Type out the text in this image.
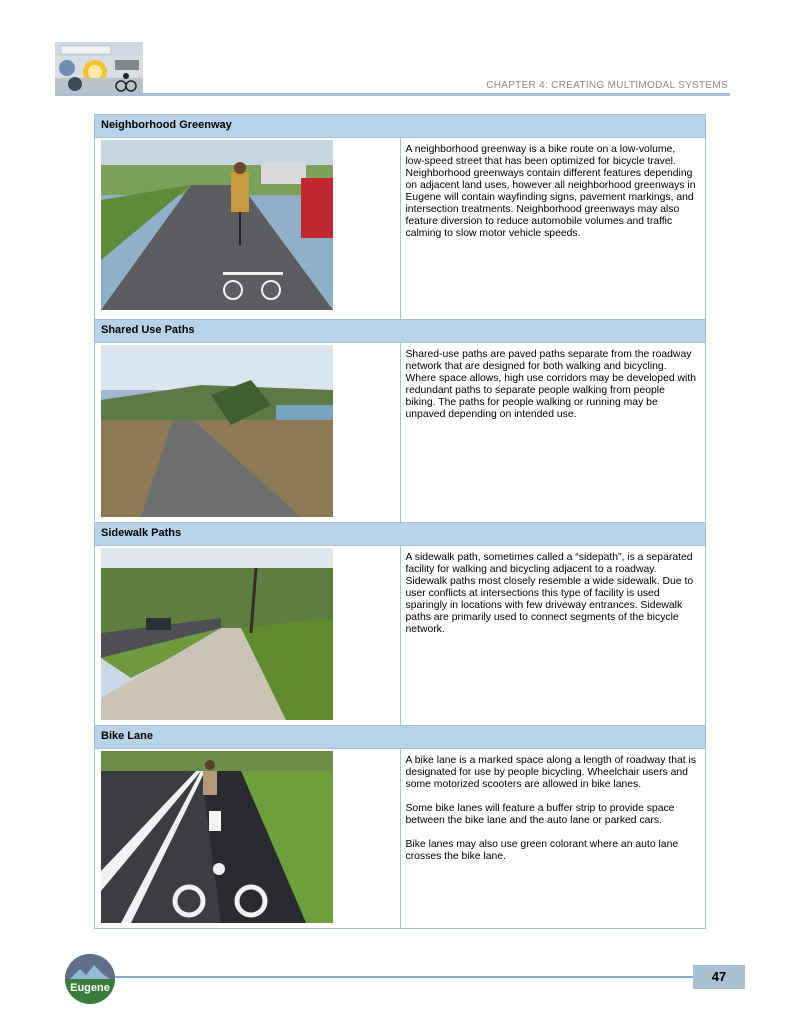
CHAPTER 4: CREATING MULTIMODAL SYSTEMS
Neighborhood Greenway	

A neighborhood greenway is a bike route on a low-volume, low-speed street that has been optimized for bicycle travel. Neighborhood greenways contain different features depending on adjacent land uses, however all neighborhood greenways in Eugene will contain wayfinding signs, pavement markings, and intersection treatments. Neighborhood greenways may also feature diversion to reduce automobile volumes and traffic calming to slow motor vehicle speeds.

Shared Use Paths	

Shared-use paths are paved paths separate from the roadway network that are designed for both walking and bicycling. Where space allows, high use corridors may be developed with redundant paths to separate people walking from people biking. The paths for people walking or running may be unpaved depending on intended use.

Sidewalk Paths	

A sidewalk path, sometimes called a “sidepath”, is a separated facility for walking and bicycling adjacent to a roadway. Sidewalk paths most closely resemble a wide sidewalk. Due to user conflicts at intersections this type of facility is used sparingly in locations with few driveway entrances. Sidewalk paths are primarily used to connect segments of the bicycle network.

Bike Lane	

A bike lane is a marked space along a length of roadway that is designated for use by people bicycling. Wheelchair users and some motorized scooters are allowed in bike lanes.

Some bike lanes will feature a buffer strip to provide space between the bike lane and the auto lane or parked cars.

Bike lanes may also use green colorant where an auto lane crosses the bike lane.

Eugene
47
